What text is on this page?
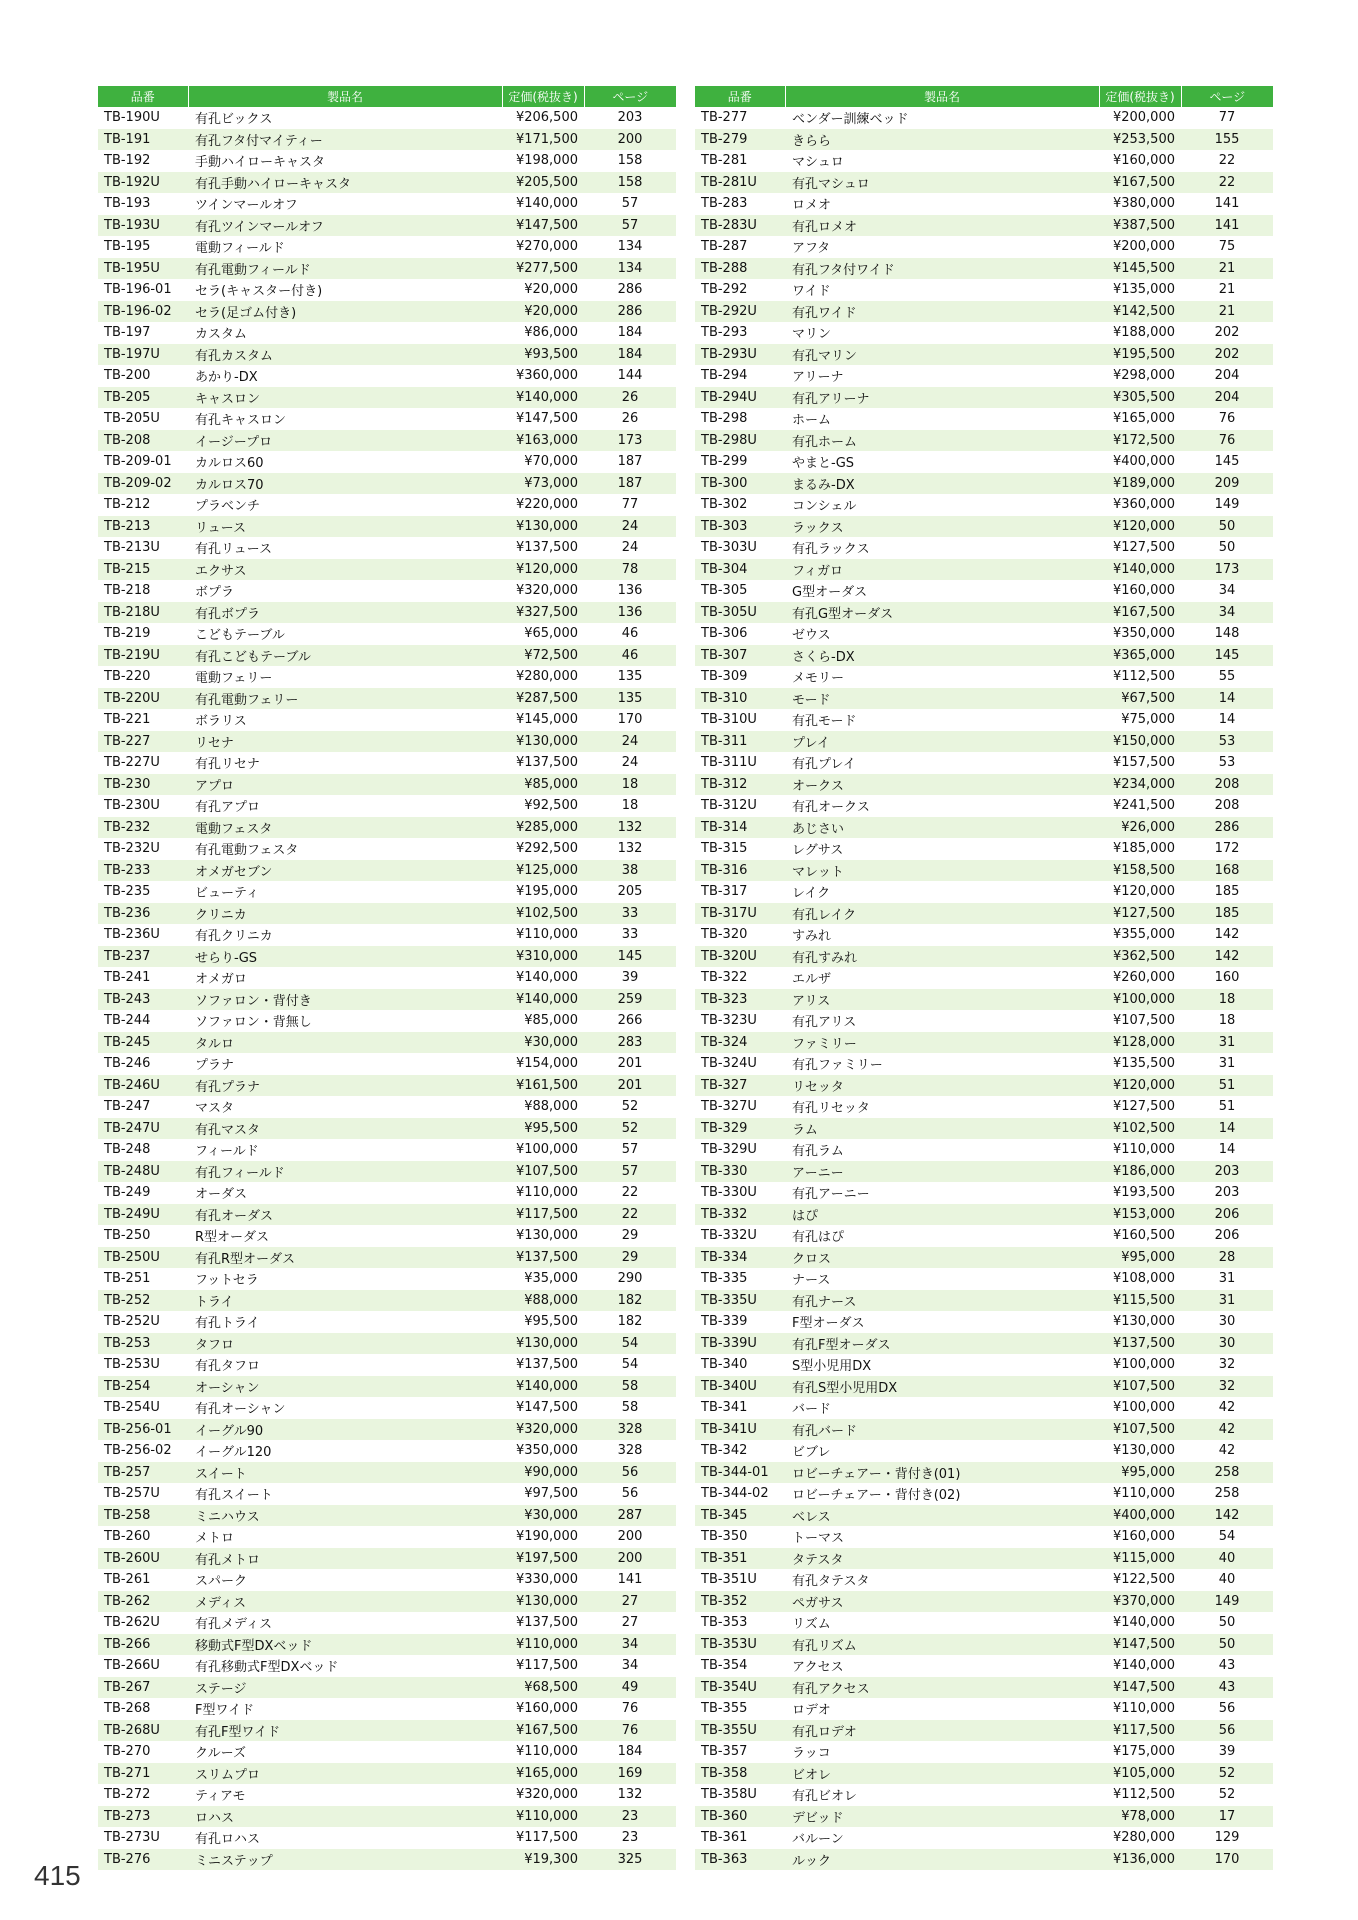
品番	製品名	定価(税抜き)	ページ
TB-190U	有孔ビックス	¥206,500	203
TB-191	有孔フタ付マイティー	¥171,500	200
TB-192	手動ハイローキャスタ	¥198,000	158
TB-192U	有孔手動ハイローキャスタ	¥205,500	158
TB-193	ツインマールオフ	¥140,000	57
TB-193U	有孔ツインマールオフ	¥147,500	57
TB-195	電動フィールド	¥270,000	134
TB-195U	有孔電動フィールド	¥277,500	134
TB-196-01	セラ(キャスター付き)	¥20,000	286
TB-196-02	セラ(足ゴム付き)	¥20,000	286
TB-197	カスタム	¥86,000	184
TB-197U	有孔カスタム	¥93,500	184
TB-200	あかり-DX	¥360,000	144
TB-205	キャスロン	¥140,000	26
TB-205U	有孔キャスロン	¥147,500	26
TB-208	イージープロ	¥163,000	173
TB-209-01	カルロス60	¥70,000	187
TB-209-02	カルロス70	¥73,000	187
TB-212	プラベンチ	¥220,000	77
TB-213	リュース	¥130,000	24
TB-213U	有孔リュース	¥137,500	24
TB-215	エクサス	¥120,000	78
TB-218	ボプラ	¥320,000	136
TB-218U	有孔ボプラ	¥327,500	136
TB-219	こどもテーブル	¥65,000	46
TB-219U	有孔こどもテーブル	¥72,500	46
TB-220	電動フェリー	¥280,000	135
TB-220U	有孔電動フェリー	¥287,500	135
TB-221	ボラリス	¥145,000	170
TB-227	リセナ	¥130,000	24
TB-227U	有孔リセナ	¥137,500	24
TB-230	アプロ	¥85,000	18
TB-230U	有孔アプロ	¥92,500	18
TB-232	電動フェスタ	¥285,000	132
TB-232U	有孔電動フェスタ	¥292,500	132
TB-233	オメガセブン	¥125,000	38
TB-235	ビューティ	¥195,000	205
TB-236	クリニカ	¥102,500	33
TB-236U	有孔クリニカ	¥110,000	33
TB-237	せらり-GS	¥310,000	145
TB-241	オメガロ	¥140,000	39
TB-243	ソファロン・背付き	¥140,000	259
TB-244	ソファロン・背無し	¥85,000	266
TB-245	タルロ	¥30,000	283
TB-246	プラナ	¥154,000	201
TB-246U	有孔プラナ	¥161,500	201
TB-247	マスタ	¥88,000	52
TB-247U	有孔マスタ	¥95,500	52
TB-248	フィールド	¥100,000	57
TB-248U	有孔フィールド	¥107,500	57
TB-249	オーダス	¥110,000	22
TB-249U	有孔オーダス	¥117,500	22
TB-250	R型オーダス	¥130,000	29
TB-250U	有孔R型オーダス	¥137,500	29
TB-251	フットセラ	¥35,000	290
TB-252	トライ	¥88,000	182
TB-252U	有孔トライ	¥95,500	182
TB-253	タフロ	¥130,000	54
TB-253U	有孔タフロ	¥137,500	54
TB-254	オーシャン	¥140,000	58
TB-254U	有孔オーシャン	¥147,500	58
TB-256-01	イーグル90	¥320,000	328
TB-256-02	イーグル120	¥350,000	328
TB-257	スイート	¥90,000	56
TB-257U	有孔スイート	¥97,500	56
TB-258	ミニハウス	¥30,000	287
TB-260	メトロ	¥190,000	200
TB-260U	有孔メトロ	¥197,500	200
TB-261	スパーク	¥330,000	141
TB-262	メディス	¥130,000	27
TB-262U	有孔メディス	¥137,500	27
TB-266	移動式F型DXベッド	¥110,000	34
TB-266U	有孔移動式F型DXベッド	¥117,500	34
TB-267	ステージ	¥68,500	49
TB-268	F型ワイド	¥160,000	76
TB-268U	有孔F型ワイド	¥167,500	76
TB-270	クルーズ	¥110,000	184
TB-271	スリムプロ	¥165,000	169
TB-272	ティアモ	¥320,000	132
TB-273	ロハス	¥110,000	23
TB-273U	有孔ロハス	¥117,500	23
TB-276	ミニステップ	¥19,300	325
品番	製品名	定価(税抜き)	ページ
TB-277	ベンダー訓練ベッド	¥200,000	77
TB-279	きらら	¥253,500	155
TB-281	マシュロ	¥160,000	22
TB-281U	有孔マシュロ	¥167,500	22
TB-283	ロメオ	¥380,000	141
TB-283U	有孔ロメオ	¥387,500	141
TB-287	アフタ	¥200,000	75
TB-288	有孔フタ付ワイド	¥145,500	21
TB-292	ワイド	¥135,000	21
TB-292U	有孔ワイド	¥142,500	21
TB-293	マリン	¥188,000	202
TB-293U	有孔マリン	¥195,500	202
TB-294	アリーナ	¥298,000	204
TB-294U	有孔アリーナ	¥305,500	204
TB-298	ホーム	¥165,000	76
TB-298U	有孔ホーム	¥172,500	76
TB-299	やまと-GS	¥400,000	145
TB-300	まるみ-DX	¥189,000	209
TB-302	コンシェル	¥360,000	149
TB-303	ラックス	¥120,000	50
TB-303U	有孔ラックス	¥127,500	50
TB-304	フィガロ	¥140,000	173
TB-305	G型オーダス	¥160,000	34
TB-305U	有孔G型オーダス	¥167,500	34
TB-306	ゼウス	¥350,000	148
TB-307	さくら-DX	¥365,000	145
TB-309	メモリー	¥112,500	55
TB-310	モード	¥67,500	14
TB-310U	有孔モード	¥75,000	14
TB-311	プレイ	¥150,000	53
TB-311U	有孔プレイ	¥157,500	53
TB-312	オークス	¥234,000	208
TB-312U	有孔オークス	¥241,500	208
TB-314	あじさい	¥26,000	286
TB-315	レグサス	¥185,000	172
TB-316	マレット	¥158,500	168
TB-317	レイク	¥120,000	185
TB-317U	有孔レイク	¥127,500	185
TB-320	すみれ	¥355,000	142
TB-320U	有孔すみれ	¥362,500	142
TB-322	エルザ	¥260,000	160
TB-323	アリス	¥100,000	18
TB-323U	有孔アリス	¥107,500	18
TB-324	ファミリー	¥128,000	31
TB-324U	有孔ファミリー	¥135,500	31
TB-327	リセッタ	¥120,000	51
TB-327U	有孔リセッタ	¥127,500	51
TB-329	ラム	¥102,500	14
TB-329U	有孔ラム	¥110,000	14
TB-330	アーニー	¥186,000	203
TB-330U	有孔アーニー	¥193,500	203
TB-332	はぴ	¥153,000	206
TB-332U	有孔はぴ	¥160,500	206
TB-334	クロス	¥95,000	28
TB-335	ナース	¥108,000	31
TB-335U	有孔ナース	¥115,500	31
TB-339	F型オーダス	¥130,000	30
TB-339U	有孔F型オーダス	¥137,500	30
TB-340	S型小児用DX	¥100,000	32
TB-340U	有孔S型小児用DX	¥107,500	32
TB-341	バード	¥100,000	42
TB-341U	有孔バード	¥107,500	42
TB-342	ビブレ	¥130,000	42
TB-344-01	ロビーチェアー・背付き(01)	¥95,000	258
TB-344-02	ロビーチェアー・背付き(02)	¥110,000	258
TB-345	ベレス	¥400,000	142
TB-350	トーマス	¥160,000	54
TB-351	タテスタ	¥115,000	40
TB-351U	有孔タテスタ	¥122,500	40
TB-352	ペガサス	¥370,000	149
TB-353	リズム	¥140,000	50
TB-353U	有孔リズム	¥147,500	50
TB-354	アクセス	¥140,000	43
TB-354U	有孔アクセス	¥147,500	43
TB-355	ロデオ	¥110,000	56
TB-355U	有孔ロデオ	¥117,500	56
TB-357	ラッコ	¥175,000	39
TB-358	ビオレ	¥105,000	52
TB-358U	有孔ビオレ	¥112,500	52
TB-360	デビッド	¥78,000	17
TB-361	バルーン	¥280,000	129
TB-363	ルック	¥136,000	170
415
